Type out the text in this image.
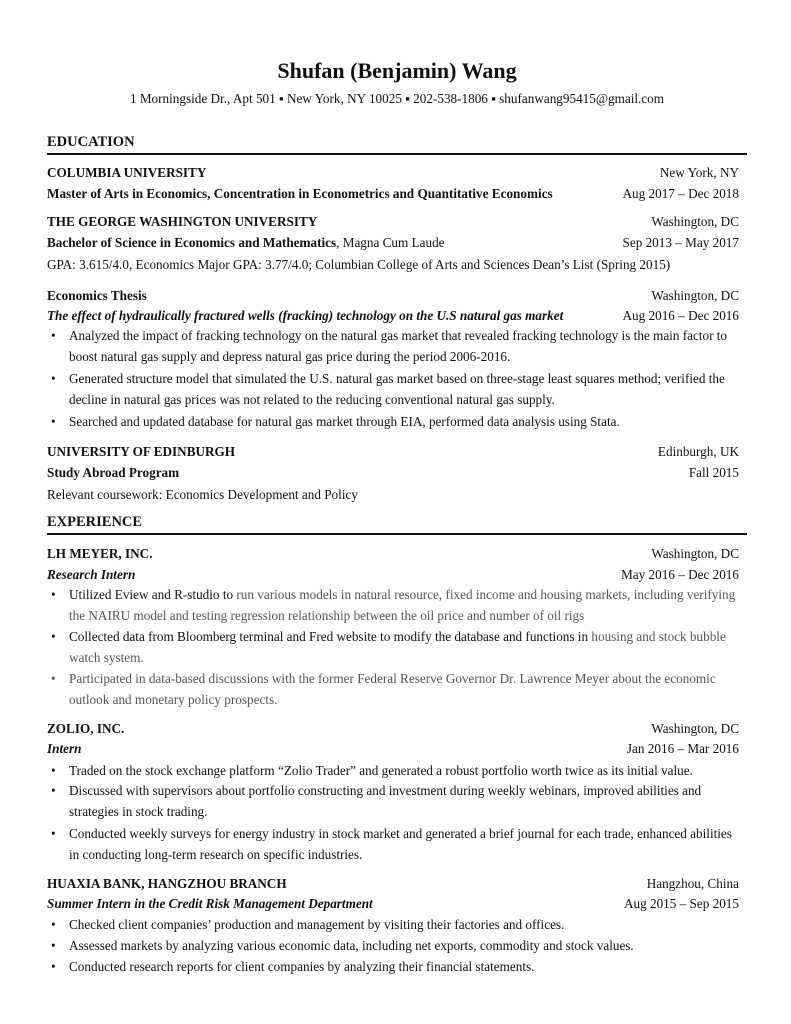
Shufan (Benjamin) Wang
1 Morningside Dr., Apt 501 ▪ New York, NY 10025 ▪ 202-538-1806 ▪ shufanwang95415@gmail.com
EDUCATION
COLUMBIA UNIVERSITY	New York, NY
Master of Arts in Economics, Concentration in Econometrics and Quantitative Economics	Aug 2017 – Dec 2018
THE GEORGE WASHINGTON UNIVERSITY	Washington, DC
Bachelor of Science in Economics and Mathematics, Magna Cum Laude	Sep 2013 – May 2017
GPA: 3.615/4.0, Economics Major GPA: 3.77/4.0; Columbian College of Arts and Sciences Dean’s List (Spring 2015)
Economics Thesis	Washington, DC
The effect of hydraulically fractured wells (fracking) technology on the U.S natural gas market	Aug 2016 – Dec 2016
• Analyzed the impact of fracking technology on the natural gas market that revealed fracking technology is the main factor to boost natural gas supply and depress natural gas price during the period 2006-2016.
• Generated structure model that simulated the U.S. natural gas market based on three-stage least squares method; verified the decline in natural gas prices was not related to the reducing conventional natural gas supply.
• Searched and updated database for natural gas market through EIA, performed data analysis using Stata.
UNIVERSITY OF EDINBURGH	Edinburgh, UK
Study Abroad Program	Fall 2015
Relevant coursework: Economics Development and Policy
EXPERIENCE
LH MEYER, INC.	Washington, DC
Research Intern	May 2016 – Dec 2016
• Utilized Eview and R-studio to run various models in natural resource, fixed income and housing markets, including verifying the NAIRU model and testing regression relationship between the oil price and number of oil rigs
• Collected data from Bloomberg terminal and Fred website to modify the database and functions in housing and stock bubble watch system.
• Participated in data-based discussions with the former Federal Reserve Governor Dr. Lawrence Meyer about the economic outlook and monetary policy prospects.
ZOLIO, INC.	Washington, DC
Intern	Jan 2016 – Mar 2016
• Traded on the stock exchange platform “Zolio Trader” and generated a robust portfolio worth twice as its initial value.
• Discussed with supervisors about portfolio constructing and investment during weekly webinars, improved abilities and strategies in stock trading.
• Conducted weekly surveys for energy industry in stock market and generated a brief journal for each trade, enhanced abilities in conducting long-term research on specific industries.
HUAXIA BANK, HANGZHOU BRANCH	Hangzhou, China
Summer Intern in the Credit Risk Management Department	Aug 2015 – Sep 2015
• Checked client companies’ production and management by visiting their factories and offices.
• Assessed markets by analyzing various economic data, including net exports, commodity and stock values.
• Conducted research reports for client companies by analyzing their financial statements.
